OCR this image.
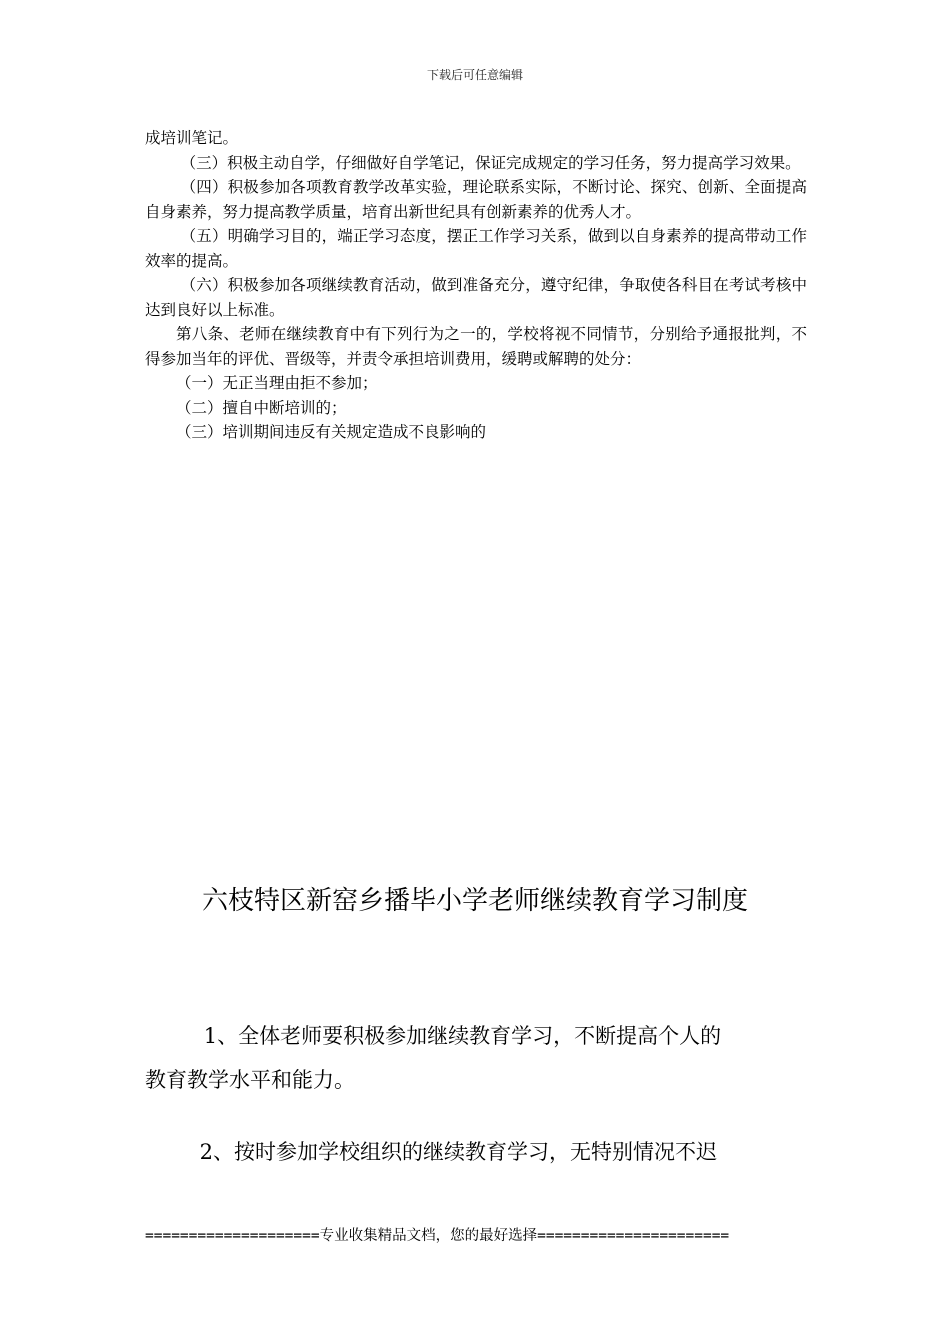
下载后可任意编辑

成培训笔记。

（三）积极主动自学，仔细做好自学笔记，保证完成规定的学习任务，努力提高学习效果。

（四）积极参加各项教育教学改革实验，理论联系实际，不断讨论、探究、创新、全面提高自身素养，努力提高教学质量，培育出新世纪具有创新素养的优秀人才。

（五）明确学习目的，端正学习态度，摆正工作学习关系，做到以自身素养的提高带动工作效率的提高。

（六）积极参加各项继续教育活动，做到准备充分，遵守纪律，争取使各科目在考试考核中达到良好以上标准。

第八条、老师在继续教育中有下列行为之一的，学校将视不同情节，分别给予通报批判，不得参加当年的评优、晋级等，并责令承担培训费用，缓聘或解聘的处分：

（一）无正当理由拒不参加；

（二）擅自中断培训的；

（三）培训期间违反有关规定造成不良影响的

六枝特区新窑乡播毕小学老师继续教育学习制度

1、全体老师要积极参加继续教育学习，不断提高个人的

教育教学水平和能力。

2、按时参加学校组织的继续教育学习，无特别情况不迟

====================专业收集精品文档，您的最好选择======================
